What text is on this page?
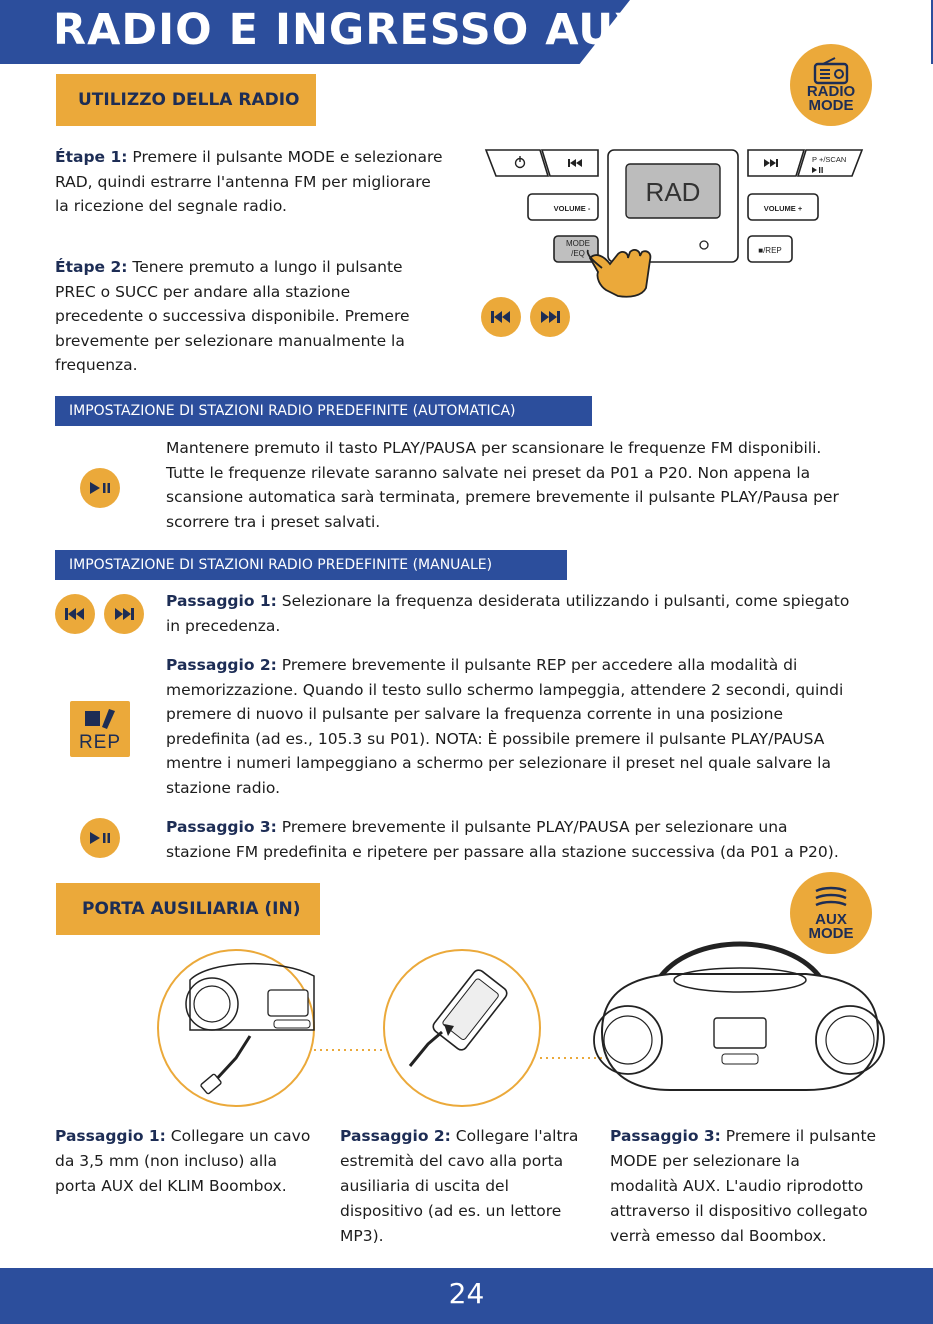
RADIO E INGRESSO AUX
UTILIZZO DELLA RADIO	RADIO
MODE
Étape 1: Premere il pulsante MODE e selezionare
RAD, quindi estrarre l'antenna FM per migliorare
la ricezione del segnale radio.
Étape 2: Tenere premuto a lungo il pulsante
PREC o SUCC per andare alla stazione
precedente o successiva disponibile. Premere
brevemente per selezionare manualmente la
frequenza.
VOLUME -
MODE
/EQ
RAD
P +/SCAN
VOLUME +
■/REP
IMPOSTAZIONE DI STAZIONI RADIO PREDEFINITE (AUTOMATICA)
Mantenere premuto il tasto PLAY/PAUSA per scansionare le frequenze FM disponibili.
Tutte le frequenze rilevate saranno salvate nei preset da P01 a P20. Non appena la
scansione automatica sarà terminata, premere brevemente il pulsante PLAY/Pausa per
scorrere tra i preset salvati.
IMPOSTAZIONE DI STAZIONI RADIO PREDEFINITE (MANUALE)
Passaggio 1: Selezionare la frequenza desiderata utilizzando i pulsanti, come spiegato
in precedenza.
REP
Passaggio 2: Premere brevemente il pulsante REP per accedere alla modalità di
memorizzazione. Quando il testo sullo schermo lampeggia, attendere 2 secondi, quindi
premere di nuovo il pulsante per salvare la frequenza corrente in una posizione
predefinita (ad es., 105.3 su P01). NOTA: È possibile premere il pulsante PLAY/PAUSA
mentre i numeri lampeggiano a schermo per selezionare il preset nel quale salvare la
stazione radio.
Passaggio 3: Premere brevemente il pulsante PLAY/PAUSA per selezionare una
stazione FM predefinita e ripetere per passare alla stazione successiva (da P01 a P20).
PORTA AUSILIARIA (IN)
AUX
MODE
Passaggio 1: Collegare un cavo
da 3,5 mm (non incluso) alla
porta AUX del KLIM Boombox.
Passaggio 2: Collegare l'altra
estremità del cavo alla porta
ausiliaria di uscita del
dispositivo (ad es. un lettore
MP3).
Passaggio 3: Premere il pulsante
MODE per selezionare la
modalità AUX. L'audio riprodotto
attraverso il dispositivo collegato
verrà emesso dal Boombox.
24
